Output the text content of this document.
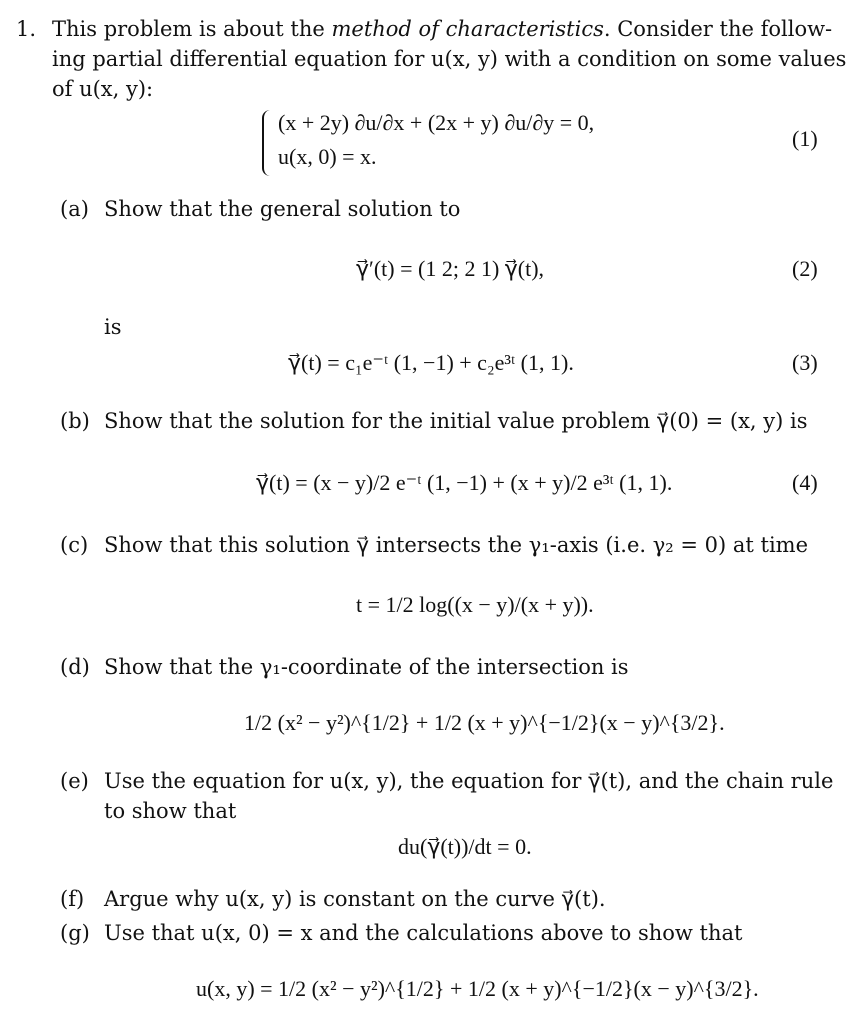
1. This problem is about the method of characteristics. Consider the follow-
ing partial differential equation for u(x, y) with a condition on some values
of u(x, y):
(x + 2y) ∂u/∂x + (2x + y) ∂u/∂y = 0,
u(x, 0) = x.
(1)
(a) Show that the general solution to
γ⃗′(t) = (1 2; 2 1) γ⃗(t),	(2)
is
γ⃗(t) = c₁e⁻ᵗ (1, −1) + c₂e³ᵗ (1, 1).	(3)
(b) Show that the solution for the initial value problem γ⃗(0) = (x, y) is
γ⃗(t) = (x − y)/2 e⁻ᵗ (1, −1) + (x + y)/2 e³ᵗ (1, 1).	(4)
(c) Show that this solution γ⃗ intersects the γ₁-axis (i.e. γ₂ = 0) at time
t = 1/2 log((x − y)/(x + y)).
(d) Show that the γ₁-coordinate of the intersection is
1/2 (x² − y²)^{1/2} + 1/2 (x + y)^{−1/2}(x − y)^{3/2}.
(e) Use the equation for u(x, y), the equation for γ⃗(t), and the chain rule
to show that
du(γ⃗(t))/dt = 0.
(f) Argue why u(x, y) is constant on the curve γ⃗(t).
(g) Use that u(x, 0) = x and the calculations above to show that
u(x, y) = 1/2 (x² − y²)^{1/2} + 1/2 (x + y)^{−1/2}(x − y)^{3/2}.
